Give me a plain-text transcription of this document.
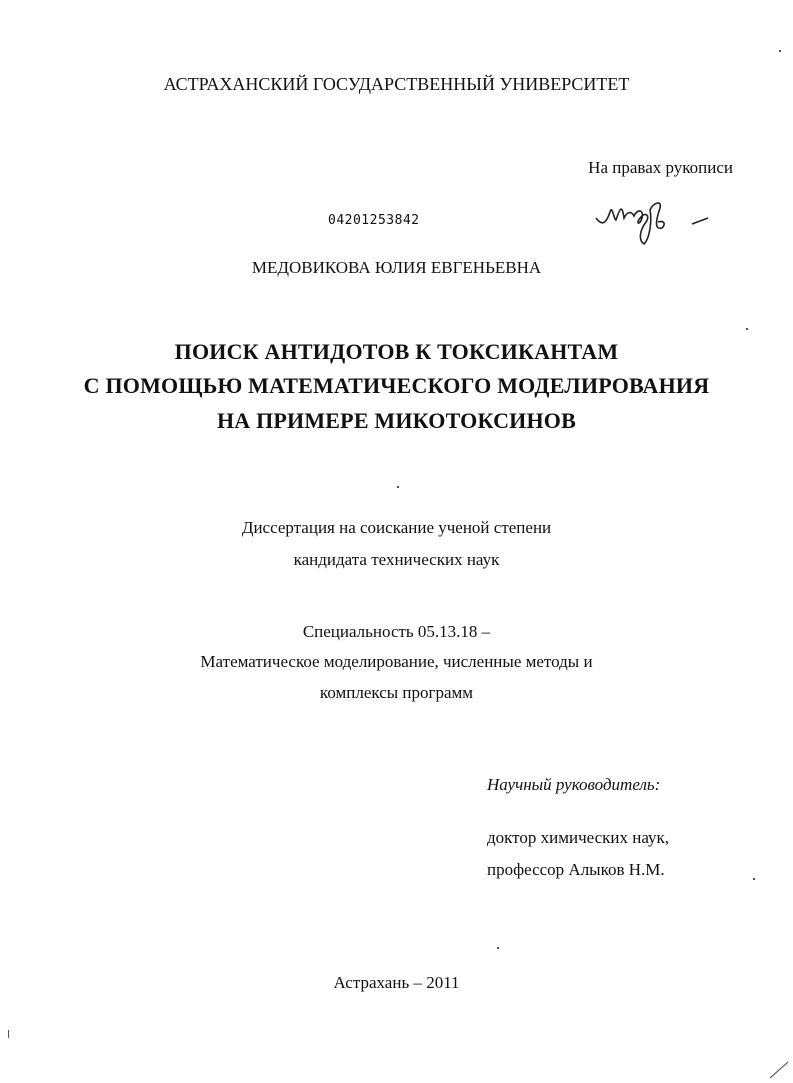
АСТРАХАНСКИЙ ГОСУДАРСТВЕННЫЙ УНИВЕРСИТЕТ
На правах рукописи
04201253842
МЕДОВИКОВА ЮЛИЯ ЕВГЕНЬЕВНА
ПОИСК АНТИДОТОВ К ТОКСИКАНТАМ
С ПОМОЩЬЮ МАТЕМАТИЧЕСКОГО МОДЕЛИРОВАНИЯ
НА ПРИМЕРЕ МИКОТОКСИНОВ
Диссертация на соискание ученой степени
кандидата технических наук
Специальность 05.13.18 –
Математическое моделирование, численные методы и
комплексы программ
Научный руководитель:
доктор химических наук,
профессор Алыков Н.М.
Астрахань – 2011
